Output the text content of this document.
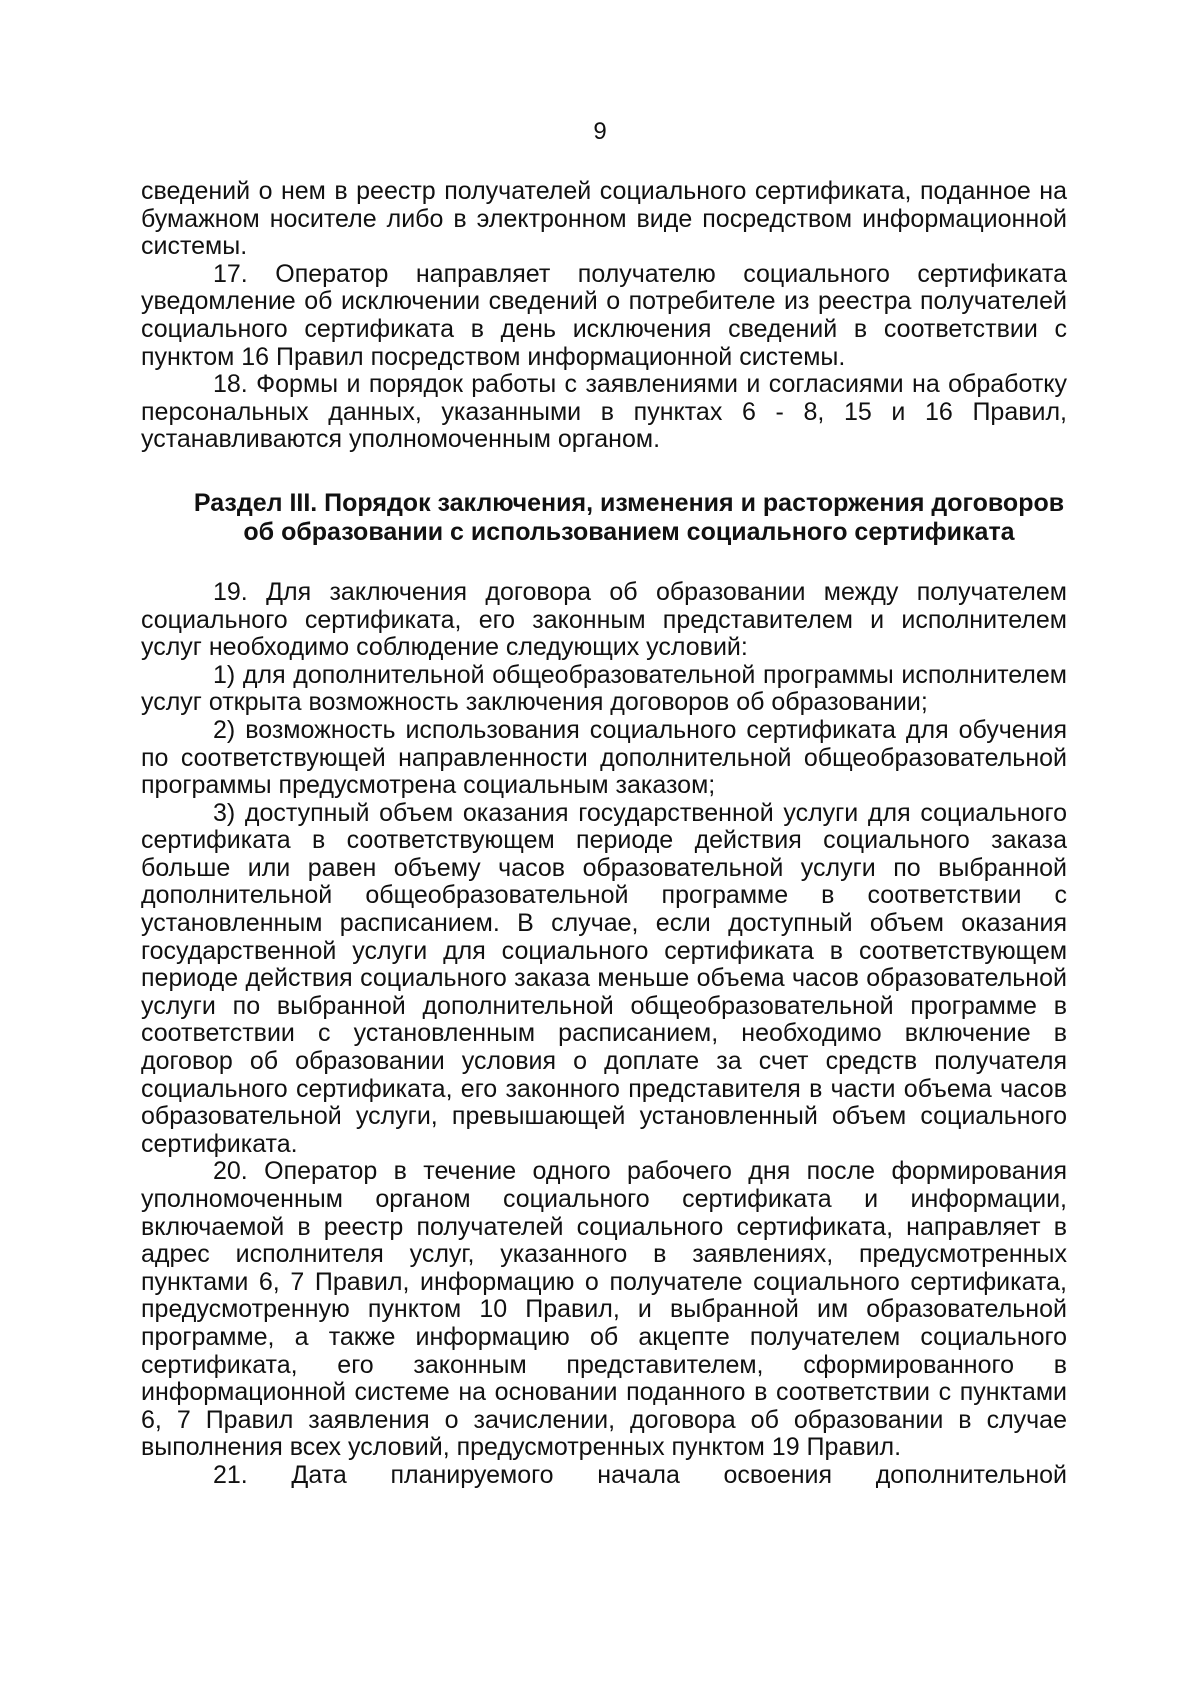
9

сведений о нем в реестр получателей социального сертификата, поданное на бумажном носителе либо в электронном виде посредством информационной системы.

17. Оператор направляет получателю социального сертификата уведомление об исключении сведений о потребителе из реестра получателей социального сертификата в день исключения сведений в соответствии с пунктом 16 Правил посредством информационной системы.

18. Формы и порядок работы с заявлениями и согласиями на обработку персональных данных, указанными в пунктах 6 - 8, 15 и 16 Правил, устанавливаются уполномоченным органом.

Раздел III. Порядок заключения, изменения и расторжения договоров
об образовании с использованием социального сертификата

19. Для заключения договора об образовании между получателем социального сертификата, его законным представителем и исполнителем услуг необходимо соблюдение следующих условий:

1) для дополнительной общеобразовательной программы исполнителем услуг открыта возможность заключения договоров об образовании;

2) возможность использования социального сертификата для обучения по соответствующей направленности дополнительной общеобразовательной программы предусмотрена социальным заказом;

3) доступный объем оказания государственной услуги для социального сертификата в соответствующем периоде действия социального заказа больше или равен объему часов образовательной услуги по выбранной дополнительной общеобразовательной программе в соответствии с установленным расписанием. В случае, если доступный объем оказания государственной услуги для социального сертификата в соответствующем периоде действия социального заказа меньше объема часов образовательной услуги по выбранной дополнительной общеобразовательной программе в соответствии с установленным расписанием, необходимо включение в договор об образовании условия о доплате за счет средств получателя социального сертификата, его законного представителя в части объема часов образовательной услуги, превышающей установленный объем социального сертификата.

20. Оператор в течение одного рабочего дня после формирования уполномоченным органом социального сертификата и информации, включаемой в реестр получателей социального сертификата, направляет в адрес исполнителя услуг, указанного в заявлениях, предусмотренных пунктами 6, 7 Правил, информацию о получателе социального сертификата, предусмотренную пунктом 10 Правил, и выбранной им образовательной программе, а также информацию об акцепте получателем социального сертификата, его законным представителем, сформированного в информационной системе на основании поданного в соответствии с пунктами 6, 7 Правил заявления о зачислении, договора об образовании в случае выполнения всех условий, предусмотренных пунктом 19 Правил.

21. Дата планируемого начала освоения дополнительной
